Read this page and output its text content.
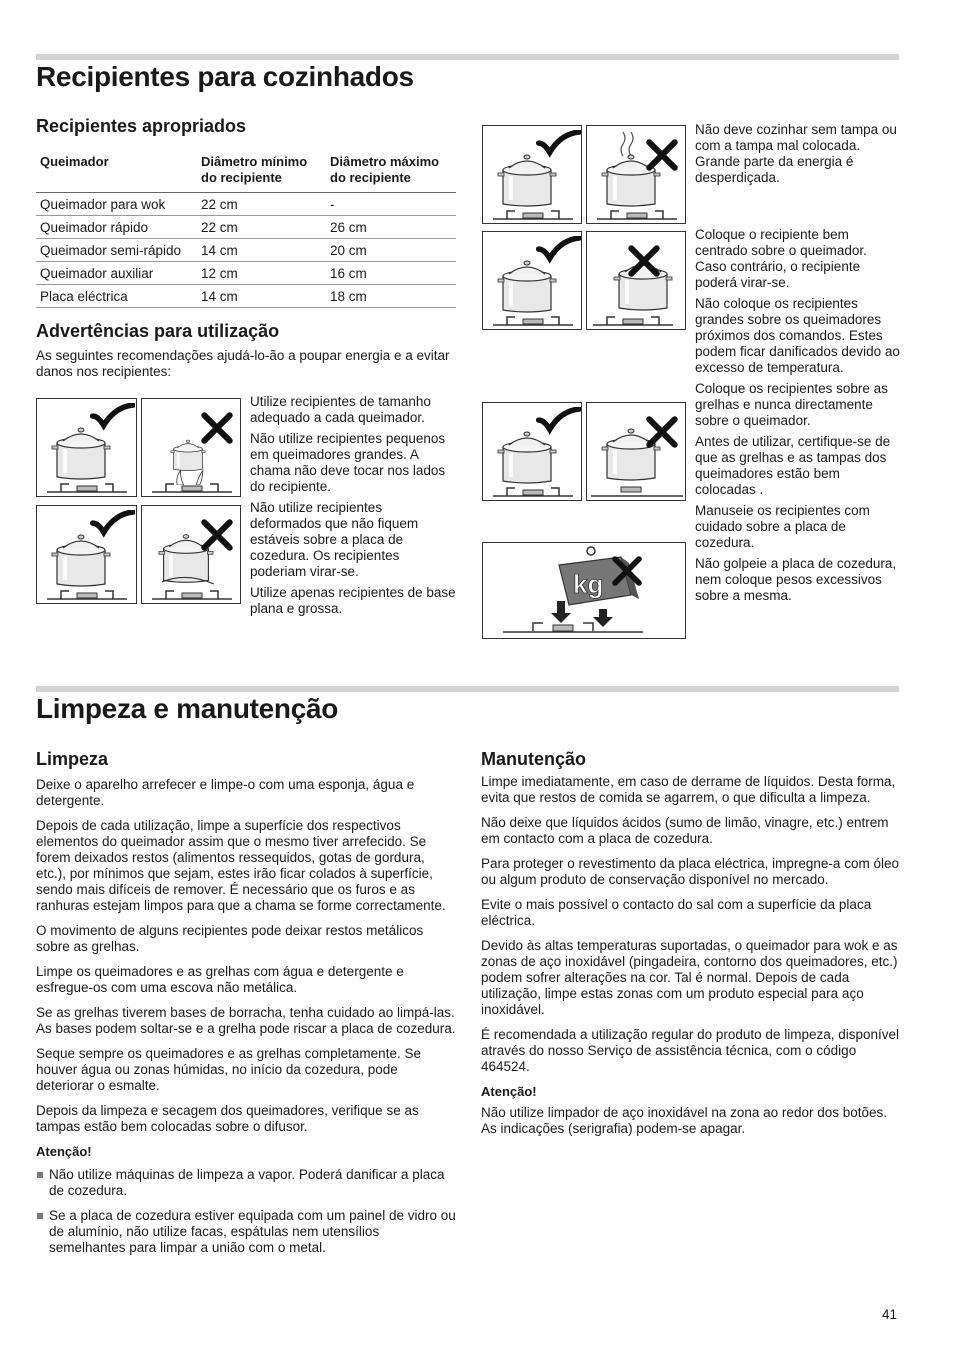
Recipientes para cozinhados
Recipientes apropriados
Queimador	Diâmetro mínimo do recipiente	Diâmetro máximo do recipiente
Queimador para wok	22 cm	-
Queimador rápido	22 cm	26 cm
Queimador semi-rápido	14 cm	20 cm
Queimador auxiliar	12 cm	16 cm
Placa eléctrica	14 cm	18 cm
Advertências para utilização
As seguintes recomendações ajudá-lo-ão a poupar energia e a evitar danos nos recipientes:

Utilize recipientes de tamanho adequado a cada queimador.

Não utilize recipientes pequenos em queimadores grandes. A chama não deve tocar nos lados do recipiente.

Não utilize recipientes deformados que não fiquem estáveis sobre a placa de cozedura. Os recipientes poderiam virar-se.

Utilize apenas recipientes de base plana e grossa.

kg
Não deve cozinhar sem tampa ou com a tampa mal colocada. Grande parte da energia é desperdiçada.

Coloque o recipiente bem centrado sobre o queimador. Caso contrário, o recipiente poderá virar-se.

Não coloque os recipientes grandes sobre os queimadores próximos dos comandos. Estes podem ficar danificados devido ao excesso de temperatura.

Coloque os recipientes sobre as grelhas e nunca directamente sobre o queimador.

Antes de utilizar, certifique-se de que as grelhas e as tampas dos queimadores estão bem colocadas .

Manuseie os recipientes com cuidado sobre a placa de cozedura.

Não golpeie a placa de cozedura, nem coloque pesos excessivos sobre a mesma.

Limpeza e manutenção
Limpeza

Deixe o aparelho arrefecer e limpe-o com uma esponja, água e detergente.

Depois de cada utilização, limpe a superfície dos respectivos elementos do queimador assim que o mesmo tiver arrefecido. Se forem deixados restos (alimentos ressequidos, gotas de gordura, etc.), por mínimos que sejam, estes irão ficar colados à superfície, sendo mais difíceis de remover. É necessário que os furos e as ranhuras estejam limpos para que a chama se forme correctamente.

O movimento de alguns recipientes pode deixar restos metálicos sobre as grelhas.

Limpe os queimadores e as grelhas com água e detergente e esfregue-os com uma escova não metálica.

Se as grelhas tiverem bases de borracha, tenha cuidado ao limpá-las. As bases podem soltar-se e a grelha pode riscar a placa de cozedura.

Seque sempre os queimadores e as grelhas completamente. Se houver água ou zonas húmidas, no início da cozedura, pode deteriorar o esmalte.

Depois da limpeza e secagem dos queimadores, verifique se as tampas estão bem colocadas sobre o difusor.

Atenção!

Não utilize máquinas de limpeza a vapor. Poderá danificar a placa de cozedura.
Se a placa de cozedura estiver equipada com um painel de vidro ou de alumínio, não utilize facas, espátulas nem utensílios semelhantes para limpar a união com o metal.
Manutenção

Limpe imediatamente, em caso de derrame de líquidos. Desta forma, evita que restos de comida se agarrem, o que dificulta a limpeza.

Não deixe que líquidos ácidos (sumo de limão, vinagre, etc.) entrem em contacto com a placa de cozedura.

Para proteger o revestimento da placa eléctrica, impregne-a com óleo ou algum produto de conservação disponível no mercado.

Evite o mais possível o contacto do sal com a superfície da placa eléctrica.

Devido às altas temperaturas suportadas, o queimador para wok e as zonas de aço inoxidável (pingadeira, contorno dos queimadores, etc.) podem sofrer alterações na cor. Tal é normal. Depois de cada utilização, limpe estas zonas com um produto especial para aço inoxidável.

É recomendada a utilização regular do produto de limpeza, disponível através do nosso Serviço de assistência técnica, com o código 464524.

Atenção!

Não utilize limpador de aço inoxidável na zona ao redor dos botões. As indicações (serigrafia) podem-se apagar.

41
